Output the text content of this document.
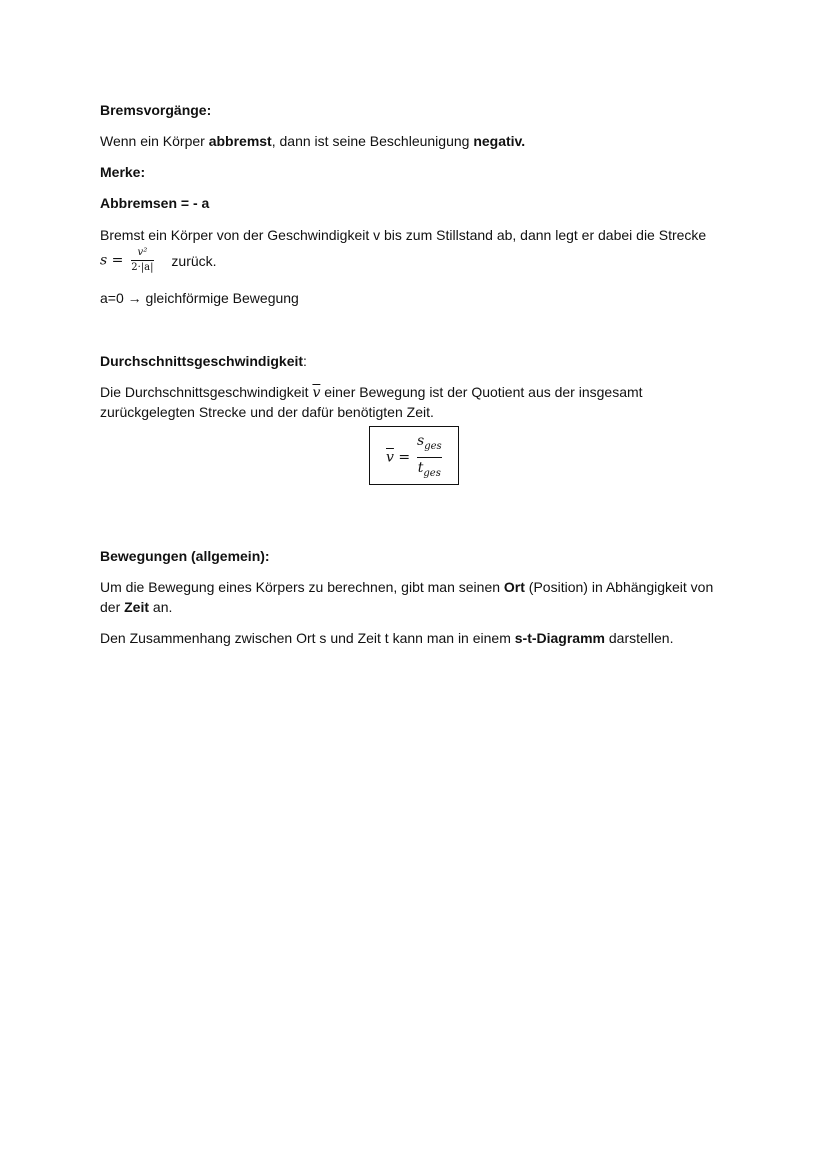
Bremsvorgänge:
Wenn ein Körper abbremst, dann ist seine Beschleunigung negativ.
Merke:
Abbremsen = - a
Bremst ein Körper von der Geschwindigkeit v bis zum Stillstand ab, dann legt er dabei die Strecke
$s = \frac{\text{v²}}{2\cdot|a|}$ zurück.
a=0 → gleichförmige Bewegung
Durchschnittsgeschwindigkeit:
Die Durchschnittsgeschwindigkeit $\overline{v}$ einer Bewegung ist der Quotient aus der insgesamt
zurückgelegten Strecke und der dafür benötigten Zeit.
$\overline{v} = \frac{s_{ges}}{t_{ges}}$
Bewegungen (allgemein):
Um die Bewegung eines Körpers zu berechnen, gibt man seinen Ort (Position) in Abhängigkeit von
der Zeit an.
Den Zusammenhang zwischen Ort s und Zeit t kann man in einem s-t-Diagramm darstellen.
